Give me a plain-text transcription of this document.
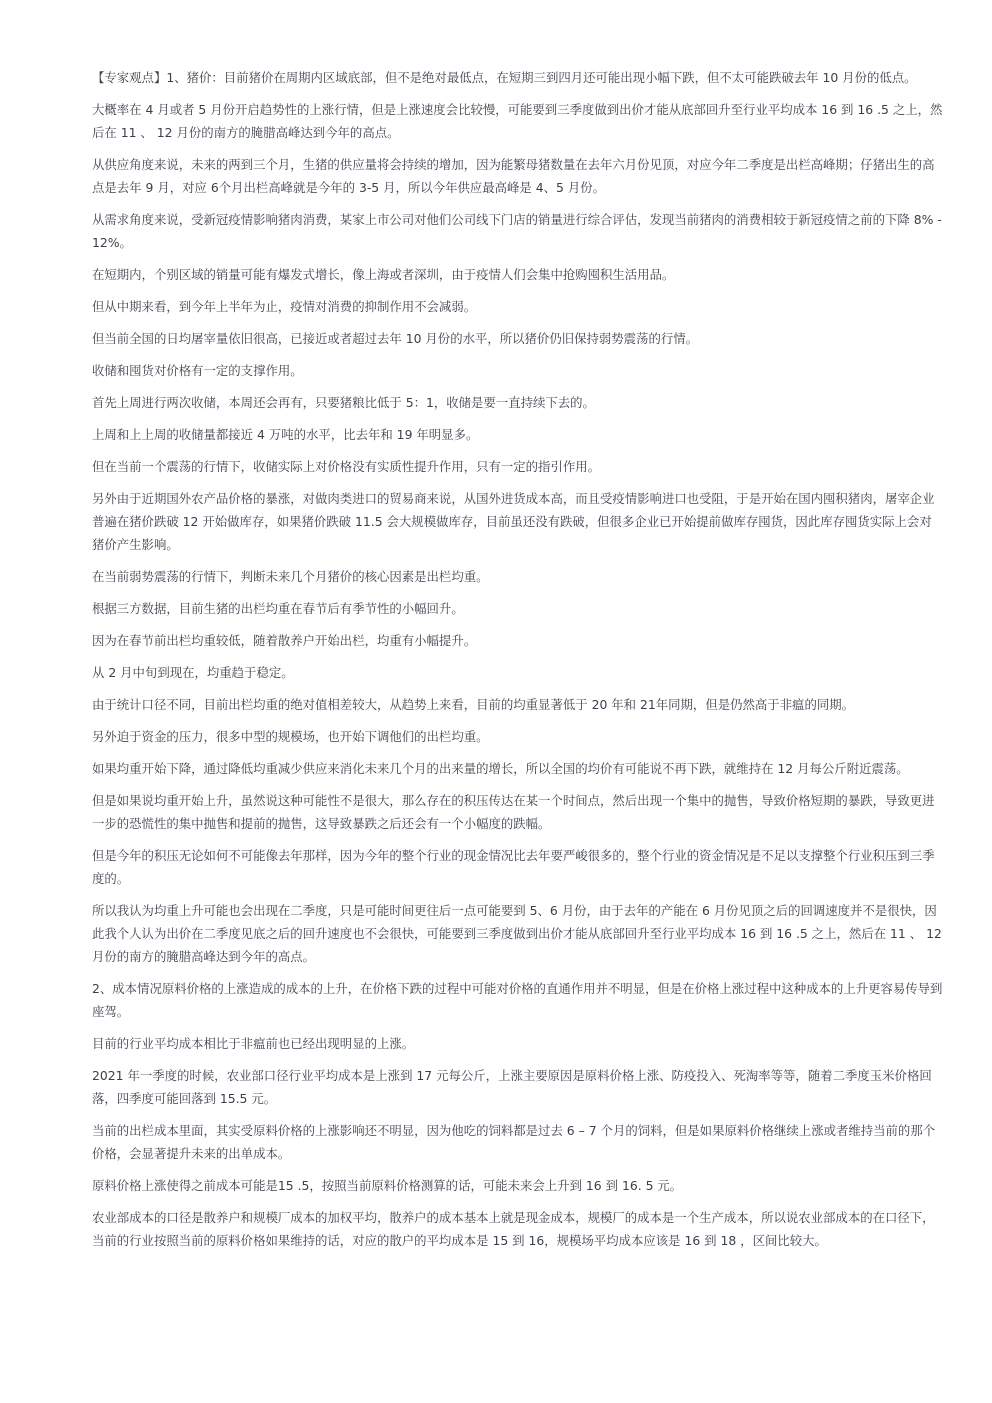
【专家观点】1、猪价：目前猪价在周期内区域底部，但不是绝对最低点，在短期三到四月还可能出现小幅下跌，但不太可能跌破去年 10 月份的低点。

大概率在 4 月或者 5 月份开启趋势性的上涨行情，但是上涨速度会比较慢，可能要到三季度做到出价才能从底部回升至行业平均成本 16 到 16 .5 之上，然后在 11 、 12 月份的南方的腌腊高峰达到今年的高点。

从供应角度来说，未来的两到三个月，生猪的供应量将会持续的增加，因为能繁母猪数量在去年六月份见顶，对应今年二季度是出栏高峰期；仔猪出生的高点是去年 9 月，对应 6个月出栏高峰就是今年的 3-5 月，所以今年供应最高峰是 4、5 月份。

从需求角度来说，受新冠疫情影响猪肉消费，某家上市公司对他们公司线下门店的销量进行综合评估，发现当前猪肉的消费相较于新冠疫情之前的下降 8% -12%。

在短期内，个别区域的销量可能有爆发式增长，像上海或者深圳，由于疫情人们会集中抢购囤积生活用品。

但从中期来看，到今年上半年为止，疫情对消费的抑制作用不会减弱。

但当前全国的日均屠宰量依旧很高，已接近或者超过去年 10 月份的水平，所以猪价仍旧保持弱势震荡的行情。

收储和囤货对价格有一定的支撑作用。

首先上周进行两次收储，本周还会再有，只要猪粮比低于 5：1，收储是要一直持续下去的。

上周和上上周的收储量都接近 4 万吨的水平，比去年和 19 年明显多。

但在当前一个震荡的行情下，收储实际上对价格没有实质性提升作用，只有一定的指引作用。

另外由于近期国外农产品价格的暴涨，对做肉类进口的贸易商来说，从国外进货成本高，而且受疫情影响进口也受阻，于是开始在国内囤积猪肉，屠宰企业普遍在猪价跌破 12 开始做库存，如果猪价跌破 11.5 会大规模做库存，目前虽还没有跌破，但很多企业已开始提前做库存囤货，因此库存囤货实际上会对猪价产生影响。

在当前弱势震荡的行情下，判断未来几个月猪价的核心因素是出栏均重。

根据三方数据，目前生猪的出栏均重在春节后有季节性的小幅回升。

因为在春节前出栏均重较低，随着散养户开始出栏，均重有小幅提升。

从 2 月中旬到现在，均重趋于稳定。

由于统计口径不同，目前出栏均重的绝对值相差较大，从趋势上来看，目前的均重显著低于 20 年和 21年同期，但是仍然高于非瘟的同期。

另外迫于资金的压力，很多中型的规模场，也开始下调他们的出栏均重。

如果均重开始下降，通过降低均重减少供应来消化未来几个月的出来量的增长，所以全国的均价有可能说不再下跌，就维持在 12 月每公斤附近震荡。

但是如果说均重开始上升，虽然说这种可能性不是很大，那么存在的积压传达在某一个时间点，然后出现一个集中的抛售，导致价格短期的暴跌，导致更进一步的恐慌性的集中抛售和提前的抛售，这导致暴跌之后还会有一个小幅度的跌幅。

但是今年的积压无论如何不可能像去年那样，因为今年的整个行业的现金情况比去年要严峻很多的，整个行业的资金情况是不足以支撑整个行业积压到三季度的。

所以我认为均重上升可能也会出现在二季度，只是可能时间更往后一点可能要到 5、6 月份，由于去年的产能在 6 月份见顶之后的回调速度并不是很快，因此我个人认为出价在二季度见底之后的回升速度也不会很快，可能要到三季度做到出价才能从底部回升至行业平均成本 16 到 16 .5 之上，然后在 11 、 12 月份的南方的腌腊高峰达到今年的高点。

2、成本情况原料价格的上涨造成的成本的上升，在价格下跌的过程中可能对价格的直通作用并不明显，但是在价格上涨过程中这种成本的上升更容易传导到座驾。

目前的行业平均成本相比于非瘟前也已经出现明显的上涨。

2021 年一季度的时候，农业部口径行业平均成本是上涨到 17 元每公斤，上涨主要原因是原料价格上涨、防疫投入、死淘率等等，随着二季度玉米价格回落，四季度可能回落到 15.5 元。

当前的出栏成本里面，其实受原料价格的上涨影响还不明显，因为他吃的饲料都是过去 6 – 7 个月的饲料，但是如果原料价格继续上涨或者维持当前的那个价格，会显著提升未来的出单成本。

原料价格上涨使得之前成本可能是15 .5，按照当前原料价格测算的话，可能未来会上升到 16 到 16. 5 元。

农业部成本的口径是散养户和规模厂成本的加权平均，散养户的成本基本上就是现金成本，规模厂的成本是一个生产成本，所以说农业部成本的在口径下，当前的行业按照当前的原料价格如果维持的话，对应的散户的平均成本是 15 到 16，规模场平均成本应该是 16 到 18 ，区间比较大。
